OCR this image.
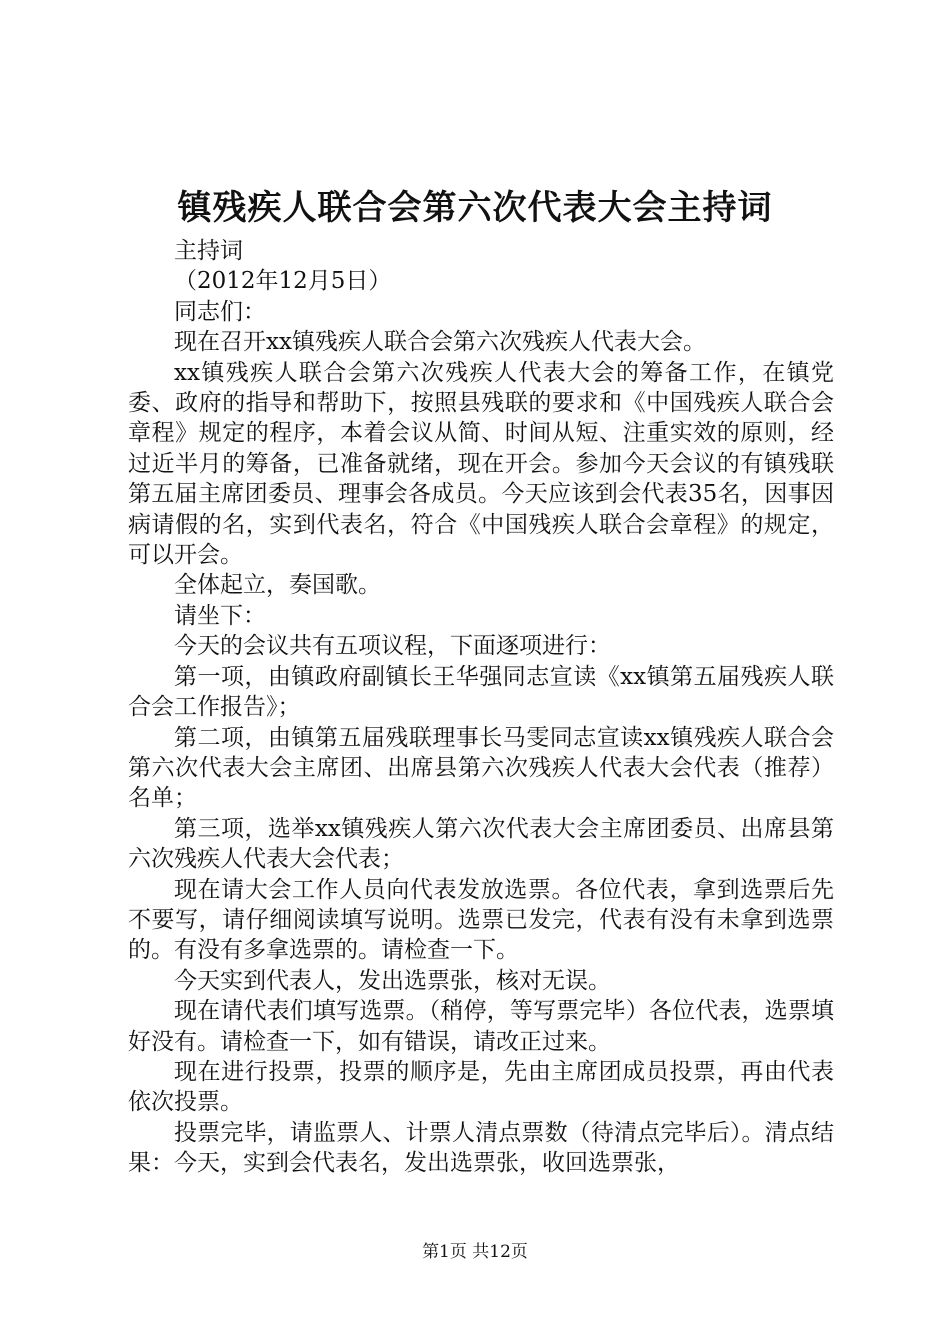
镇残疾人联合会第六次代表大会主持词

主持词

（2012年12月5日）

同志们：

现在召开xx镇残疾人联合会第六次残疾人代表大会。

xx镇残疾人联合会第六次残疾人代表大会的筹备工作，在镇党委、政府的指导和帮助下，按照县残联的要求和《中国残疾人联合会章程》规定的程序，本着会议从简、时间从短、注重实效的原则，经过近半月的筹备，已准备就绪，现在开会。参加今天会议的有镇残联第五届主席团委员、理事会各成员。今天应该到会代表35名，因事因病请假的名，实到代表名，符合《中国残疾人联合会章程》的规定，可以开会。

全体起立，奏国歌。

请坐下：

今天的会议共有五项议程，下面逐项进行：

第一项，由镇政府副镇长王华强同志宣读《xx镇第五届残疾人联合会工作报告》；

第二项，由镇第五届残联理事长马雯同志宣读xx镇残疾人联合会第六次代表大会主席团、出席县第六次残疾人代表大会代表（推荐）名单；

第三项，选举xx镇残疾人第六次代表大会主席团委员、出席县第六次残疾人代表大会代表；

现在请大会工作人员向代表发放选票。各位代表，拿到选票后先不要写，请仔细阅读填写说明。选票已发完，代表有没有未拿到选票的。有没有多拿选票的。请检查一下。

今天实到代表人，发出选票张，核对无误。

现在请代表们填写选票。（稍停，等写票完毕）各位代表，选票填好没有。请检查一下，如有错误，请改正过来。

现在进行投票，投票的顺序是，先由主席团成员投票，再由代表依次投票。

投票完毕，请监票人、计票人清点票数（待清点完毕后）。清点结果：今天，实到会代表名，发出选票张，收回选票张，

第1页 共12页
